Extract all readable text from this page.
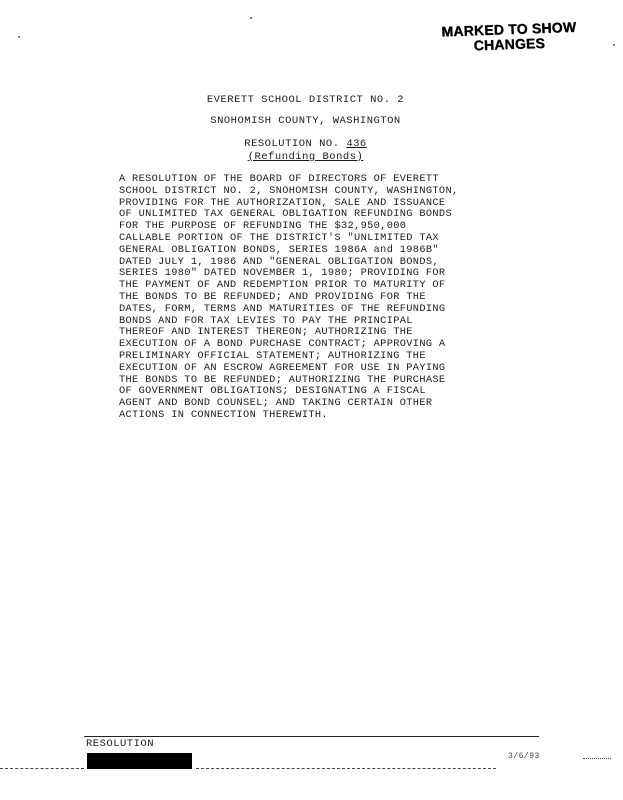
MARKED TO SHOW
CHANGES
EVERETT SCHOOL DISTRICT NO. 2
SNOHOMISH COUNTY, WASHINGTON
RESOLUTION NO. 436
(Refunding Bonds)
A RESOLUTION OF THE BOARD OF DIRECTORS OF EVERETT
SCHOOL DISTRICT NO. 2, SNOHOMISH COUNTY, WASHINGTON,
PROVIDING FOR THE AUTHORIZATION, SALE AND ISSUANCE
OF UNLIMITED TAX GENERAL OBLIGATION REFUNDING BONDS
FOR THE PURPOSE OF REFUNDING THE $32,950,000
CALLABLE PORTION OF THE DISTRICT'S "UNLIMITED TAX
GENERAL OBLIGATION BONDS, SERIES 1986A and 1986B"
DATED JULY 1, 1986 AND "GENERAL OBLIGATION BONDS,
SERIES 1980" DATED NOVEMBER 1, 1980; PROVIDING FOR
THE PAYMENT OF AND REDEMPTION PRIOR TO MATURITY OF
THE BONDS TO BE REFUNDED; AND PROVIDING FOR THE
DATES, FORM, TERMS AND MATURITIES OF THE REFUNDING
BONDS AND FOR TAX LEVIES TO PAY THE PRINCIPAL
THEREOF AND INTEREST THEREON; AUTHORIZING THE
EXECUTION OF A BOND PURCHASE CONTRACT; APPROVING A
PRELIMINARY OFFICIAL STATEMENT; AUTHORIZING THE
EXECUTION OF AN ESCROW AGREEMENT FOR USE IN PAYING
THE BONDS TO BE REFUNDED; AUTHORIZING THE PURCHASE
OF GOVERNMENT OBLIGATIONS; DESIGNATING A FISCAL
AGENT AND BOND COUNSEL; AND TAKING CERTAIN OTHER
ACTIONS IN CONNECTION THEREWITH.
RESOLUTION
3/6/93
